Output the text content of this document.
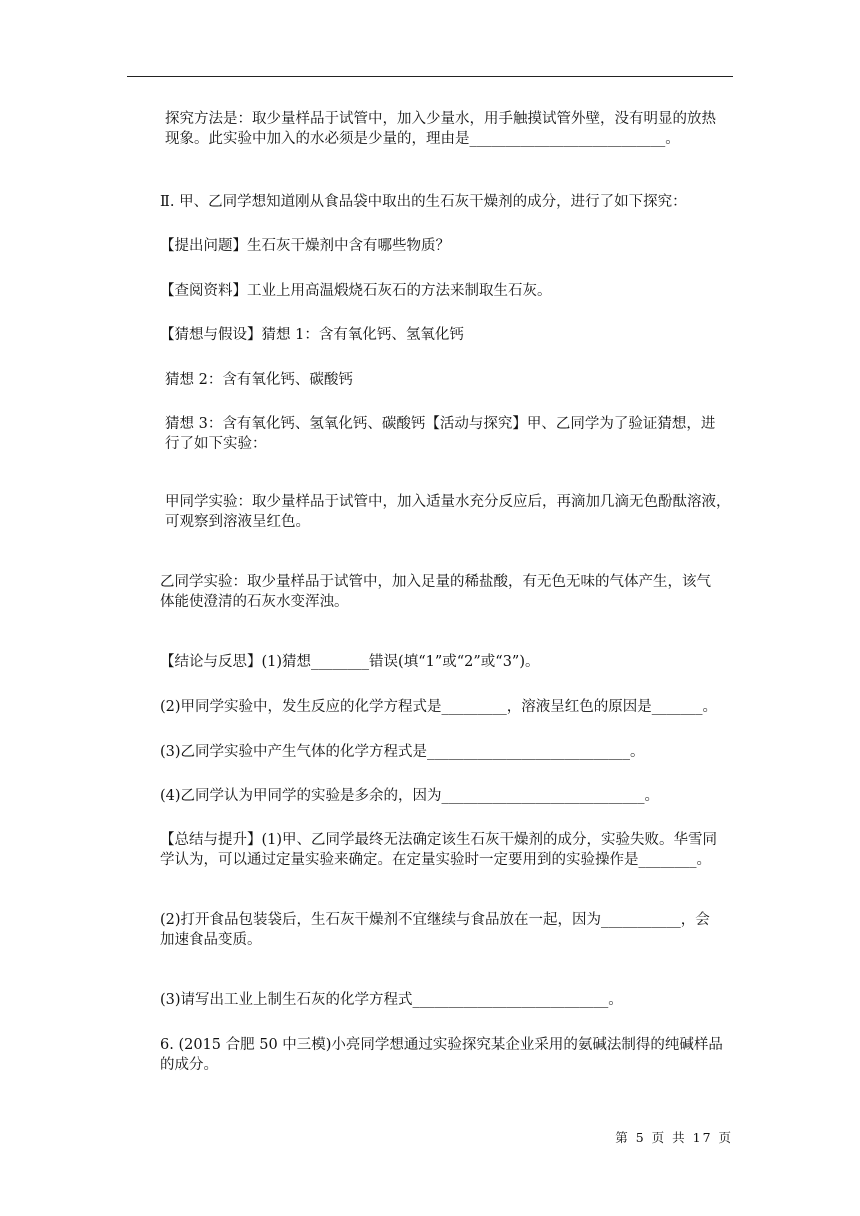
探究方法是：取少量样品于试管中，加入少量水，用手触摸试管外壁，没有明显的放热
现象。此实验中加入的水必须是少量的，理由是___________________________。

Ⅱ. 甲、乙同学想知道刚从食品袋中取出的生石灰干燥剂的成分，进行了如下探究：

【提出问题】生石灰干燥剂中含有哪些物质？

【查阅资料】工业上用高温煅烧石灰石的方法来制取生石灰。

【猜想与假设】猜想 1：含有氧化钙、氢氧化钙

猜想 2：含有氧化钙、碳酸钙

猜想 3：含有氧化钙、氢氧化钙、碳酸钙【活动与探究】甲、乙同学为了验证猜想，进
行了如下实验：

甲同学实验：取少量样品于试管中，加入适量水充分反应后，再滴加几滴无色酚酞溶液，
可观察到溶液呈红色。

乙同学实验：取少量样品于试管中，加入足量的稀盐酸，有无色无味的气体产生，该气
体能使澄清的石灰水变浑浊。

【结论与反思】(1)猜想________错误(填“1”或“2”或“3”)。

(2)甲同学实验中，发生反应的化学方程式是_________，溶液呈红色的原因是_______。

(3)乙同学实验中产生气体的化学方程式是____________________________。

(4)乙同学认为甲同学的实验是多余的，因为____________________________。

【总结与提升】(1)甲、乙同学最终无法确定该生石灰干燥剂的成分，实验失败。华雪同
学认为，可以通过定量实验来确定。在定量实验时一定要用到的实验操作是________。

(2)打开食品包装袋后，生石灰干燥剂不宜继续与食品放在一起，因为___________，会
加速食品变质。

(3)请写出工业上制生石灰的化学方程式___________________________。

6. (2015 合肥 50 中三模)小亮同学想通过实验探究某企业采用的氨碱法制得的纯碱样品
的成分。

第 5 页 共 17 页
